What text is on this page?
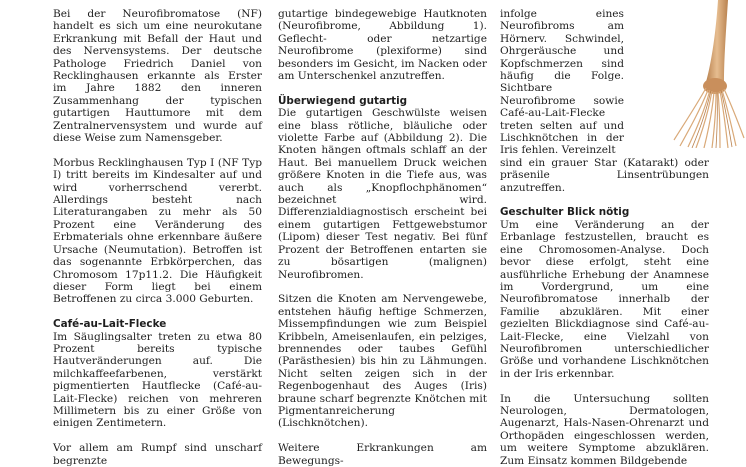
Bei der Neurofibromatose (NF) handelt es sich um eine neurokutane Erkrankung mit Befall der Haut und des Nervensystems. Der deutsche Pathologe Friedrich Daniel von Recklinghausen erkannte als Erster im Jahre 1882 den inneren Zusammenhang der typischen gutartigen Hauttumore mit dem Zentralnervensystem und wurde auf diese Weise zum Namensgeber.

Morbus Recklinghausen Typ I (NF Typ I) tritt bereits im Kindesalter auf und wird vorherrschend vererbt. Allerdings besteht nach Literaturangaben zu mehr als 50 Prozent eine Veränderung des Erbmaterials ohne erkennbare äußere Ursache (Neumutation). Betroffen ist das sogenannte Erbkörperchen, das Chromosom 17p11.2. Die Häufigkeit dieser Form liegt bei einem Betroffenen zu circa 3.000 Geburten.

Café-au-Lait-Flecke

Im Säuglingsalter treten zu etwa 80 Prozent bereits typische Hautveränderungen auf. Die milchkaffeefarbenen, verstärkt pigmentierten Hautflecke (Café-au-Lait-Flecke) reichen von mehreren Millimetern bis zu einer Größe von einigen Zentimetern.

Vor allem am Rumpf sind unscharf begrenzte

gutartige bindegewebige Hautknoten (Neurofibrome, Abbildung 1). Geflecht- oder netzartige Neurofibrome (plexiforme) sind besonders im Gesicht, im Nacken oder am Unterschenkel anzutreffen.

Überwiegend gutartig

Die gutartigen Geschwülste weisen eine blass rötliche, bläuliche oder violette Farbe auf (Abbildung 2). Die Knoten hängen oftmals schlaff an der Haut. Bei manuellem Druck weichen größere Knoten in die Tiefe aus, was auch als „Knopflochphänomen“ bezeichnet wird. Differenzialdiagnostisch erscheint bei einem gutartigen Fettgewebstumor (Lipom) dieser Test negativ. Bei fünf Prozent der Betroffenen entarten sie zu bösartigen (malignen) Neurofibromen.

Sitzen die Knoten am Nervengewebe, entstehen häufig heftige Schmerzen, Missempfindungen wie zum Beispiel Kribbeln, Ameisenlaufen, ein pelziges, brennendes oder taubes Gefühl (Parästhesien) bis hin zu Lähmungen. Nicht selten zeigen sich in der Regenbogenhaut des Auges (Iris) braune scharf begrenzte Knötchen mit Pigmentanreicherung (Lischknötchen).

Weitere Erkrankungen am Bewegungs-

infolge eines Neurofibroms am Hörnerv. Schwindel, Ohrgeräusche und Kopfschmerzen sind häufig die Folge. Sichtbare Neurofibrome sowie Café-au-Lait-Flecke treten selten auf und Lischknötchen in der Iris fehlen. Vereinzelt

sind ein grauer Star (Katarakt) oder präsenile Linsentrübungen anzutreffen.

Geschulter Blick nötig

Um eine Veränderung an der Erbanlage festzustellen, braucht es eine Chromosomen-Analyse. Doch bevor diese erfolgt, steht eine ausführliche Erhebung der Anamnese im Vordergrund, um eine Neurofibromatose innerhalb der Familie abzuklären. Mit einer gezielten Blickdiagnose sind Café-au-Lait-Flecke, eine Vielzahl von Neurofibromen unterschiedlicher Größe und vorhandene Lischknötchen in der Iris erkennbar.

In die Untersuchung sollten Neurologen, Dermatologen, Augenarzt, Hals-Nasen-Ohrenarzt und Orthopäden eingeschlossen werden, um weitere Symptome abzuklären. Zum Einsatz kommen Bildgebende
